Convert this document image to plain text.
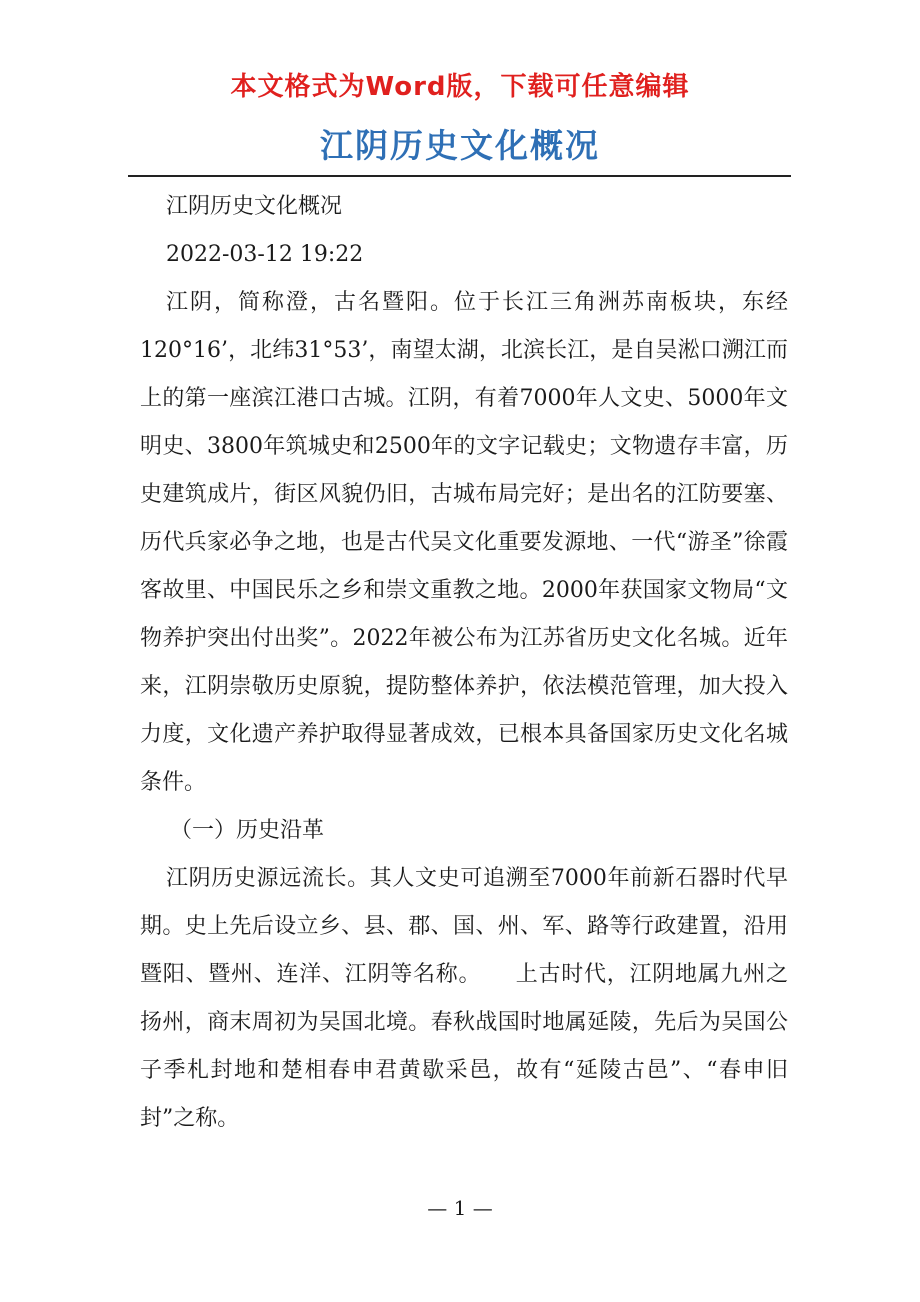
本文格式为Word版，下载可任意编辑
江阴历史文化概况

江阴历史文化概况

2022-03-12 19:22

江阴，简称澄，古名暨阳。位于长江三角洲苏南板块，东经120°16’，北纬31°53’，南望太湖，北滨长江，是自吴淞口溯江而上的第一座滨江港口古城。江阴，有着7000年人文史、5000年文明史、3800年筑城史和2500年的文字记载史；文物遗存丰富，历史建筑成片，街区风貌仍旧，古城布局完好；是出名的江防要塞、历代兵家必争之地，也是古代吴文化重要发源地、一代“游圣”徐霞客故里、中国民乐之乡和崇文重教之地。2000年获国家文物局“文物养护突出付出奖”。2022年被公布为江苏省历史文化名城。近年来，江阴崇敬历史原貌，提防整体养护，依法模范管理，加大投入力度，文化遗产养护取得显著成效，已根本具备国家历史文化名城条件。

（一）历史沿革

江阴历史源远流长。其人文史可追溯至7000年前新石器时代早期。史上先后设立乡、县、郡、国、州、军、路等行政建置，沿用暨阳、暨州、连洋、江阴等名称。　　上古时代，江阴地属九州之扬州，商末周初为吴国北境。春秋战国时地属延陵，先后为吴国公子季札封地和楚相春申君黄歇采邑，故有“延陵古邑”、“春申旧封”之称。

— 1 —
